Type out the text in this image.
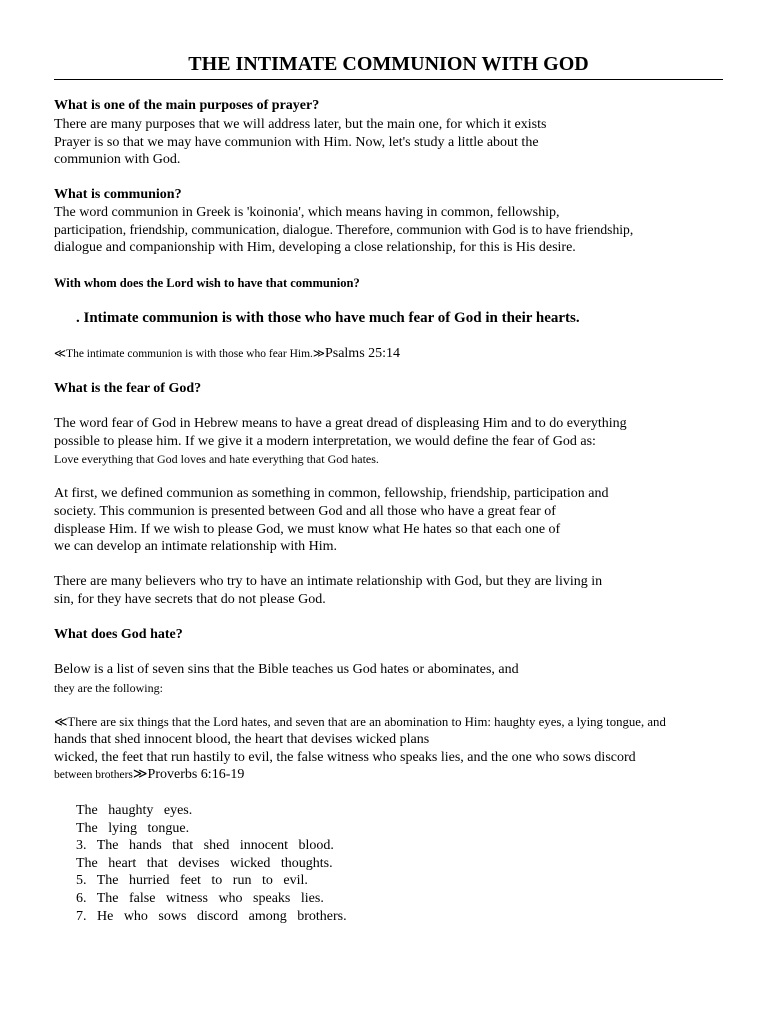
THE INTIMATE COMMUNION WITH GOD
What is one of the main purposes of prayer?
There are many purposes that we will address later, but the main one, for which it exists
Prayer is so that we may have communion with Him. Now, let's study a little about the
communion with God.
What is communion?
The word communion in Greek is 'koinonia', which means having in common, fellowship,
participation, friendship, communication, dialogue. Therefore, communion with God is to have friendship,
dialogue and companionship with Him, developing a close relationship, for this is His desire.
With whom does the Lord wish to have that communion?
. Intimate communion is with those who have much fear of God in their hearts.
≪The intimate communion is with those who fear Him.≫Psalms 25:14
What is the fear of God?
The word fear of God in Hebrew means to have a great dread of displeasing Him and to do everything
possible to please him. If we give it a modern interpretation, we would define the fear of God as:
Love everything that God loves and hate everything that God hates.
At first, we defined communion as something in common, fellowship, friendship, participation and
society. This communion is presented between God and all those who have a great fear of
displease Him. If we wish to please God, we must know what He hates so that each one of
we can develop an intimate relationship with Him.
There are many believers who try to have an intimate relationship with God, but they are living in
sin, for they have secrets that do not please God.
What does God hate?
Below is a list of seven sins that the Bible teaches us God hates or abominates, and
they are the following:
≪There are six things that the Lord hates, and seven that are an abomination to Him: haughty eyes, a lying tongue, and
hands that shed innocent blood, the heart that devises wicked plans
wicked, the feet that run hastily to evil, the false witness who speaks lies, and the one who sows discord
between brothers≫Proverbs 6:16-19
The   haughty   eyes.
The   lying   tongue.
3.   The   hands   that   shed   innocent   blood.
The   heart   that   devises   wicked   thoughts.
5.   The   hurried   feet   to   run   to   evil.
6.   The   false   witness   who   speaks   lies.
7.   He   who   sows   discord   among   brothers.
